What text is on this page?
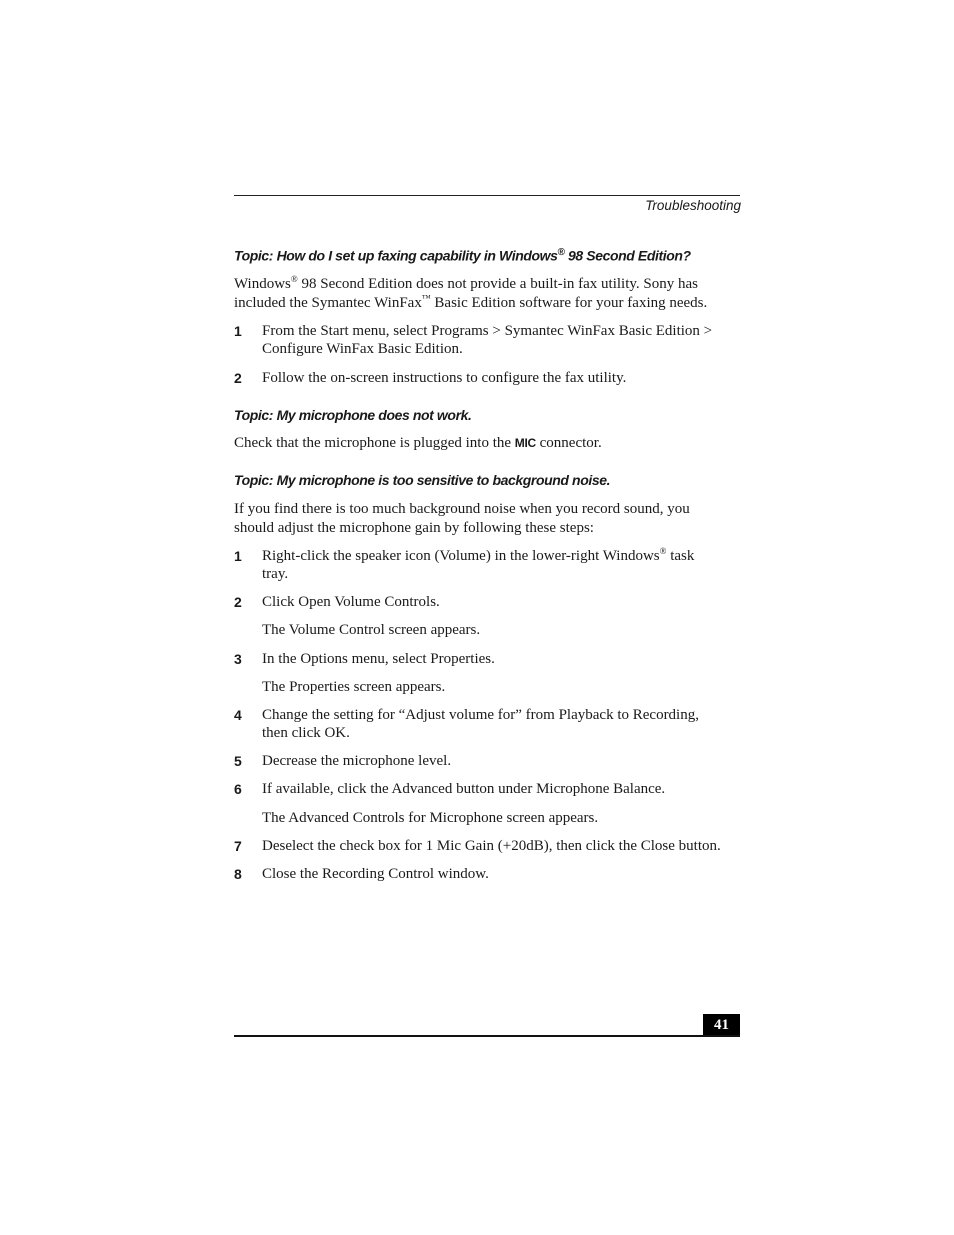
Troubleshooting
Topic: How do I set up faxing capability in Windows® 98 Second Edition?
Windows® 98 Second Edition does not provide a built-in fax utility. Sony has
included the Symantec WinFax™ Basic Edition software for your faxing needs.
1 From the Start menu, select Programs > Symantec WinFax Basic Edition > Configure WinFax Basic Edition.
2 Follow the on-screen instructions to configure the fax utility.
Topic: My microphone does not work.
Check that the microphone is plugged into the MIC connector.
Topic: My microphone is too sensitive to background noise.
If you find there is too much background noise when you record sound, you should adjust the microphone gain by following these steps:
1 Right-click the speaker icon (Volume) in the lower-right Windows® task tray.
2 Click Open Volume Controls.
The Volume Control screen appears.
3 In the Options menu, select Properties.
The Properties screen appears.
4 Change the setting for “Adjust volume for” from Playback to Recording, then click OK.
5 Decrease the microphone level.
6 If available, click the Advanced button under Microphone Balance.
The Advanced Controls for Microphone screen appears.
7 Deselect the check box for 1 Mic Gain (+20dB), then click the Close button.
8 Close the Recording Control window.
41
